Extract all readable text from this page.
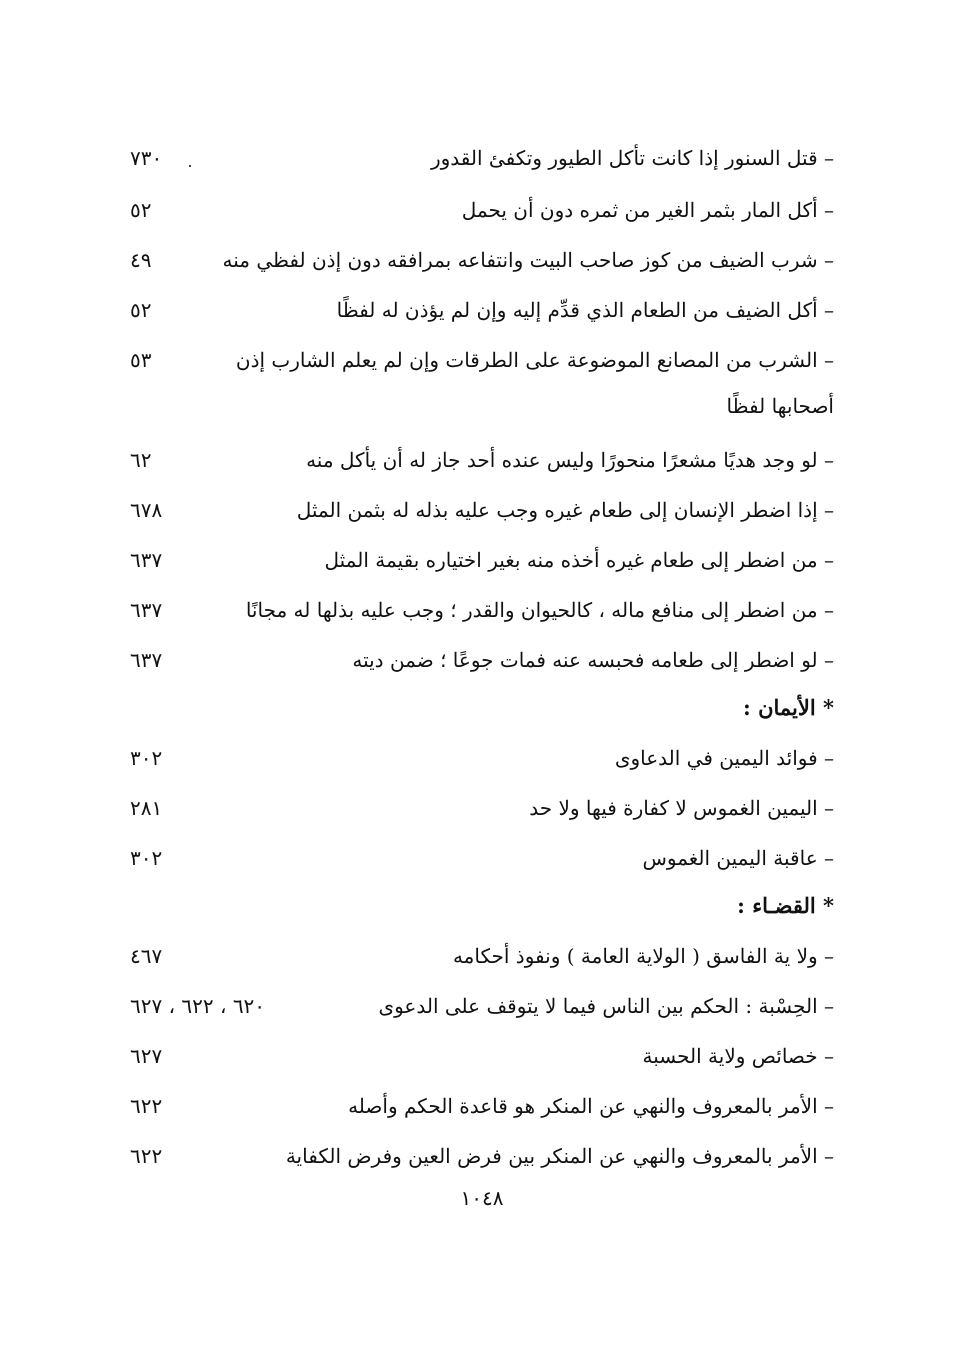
– قتل السنور إذا كانت تأكل الطيور وتكفئ القدور
٧٣٠
– أكل المار بثمر الغير من ثمره دون أن يحمل
٥٢
– شرب الضيف من كوز صاحب البيت وانتفاعه بمرافقه دون إذن لفظي منه
٤٩
– أكل الضيف من الطعام الذي قدِّم إليه وإن لم يؤذن له لفظًا
٥٢
– الشرب من المصانع الموضوعة على الطرقات وإن لم يعلم الشارب إذن
٥٣
أصحابها لفظًا
– لو وجد هديًا مشعرًا منحورًا وليس عنده أحد جاز له أن يأكل منه
٦٢
– إذا اضطر الإنسان إلى طعام غيره وجب عليه بذله له بثمن المثل
٦٧٨
– من اضطر إلى طعام غيره أخذه منه بغير اختياره بقيمة المثل
٦٣٧
– من اضطر إلى منافع ماله ، كالحيوان والقدر ؛ وجب عليه بذلها له مجانًا
٦٣٧
– لو اضطر إلى طعامه فحبسه عنه فمات جوعًا ؛ ضمن ديته
٦٣٧
* الأيمان :
– فوائد اليمين في الدعاوى
٣٠٢
– اليمين الغموس لا كفارة فيها ولا حد
٢٨١
– عاقبة اليمين الغموس
٣٠٢
* القضـاء :
– ولا ية الفاسق ( الولاية العامة ) ونفوذ أحكامه
٤٦٧
– الحِسْبة : الحكم بين الناس فيما لا يتوقف على الدعوى
٦٢٠ ، ٦٢٢ ، ٦٢٧
– خصائص ولاية الحسبة
٦٢٧
– الأمر بالمعروف والنهي عن المنكر هو قاعدة الحكم وأصله
٦٢٢
– الأمر بالمعروف والنهي عن المنكر بين فرض العين وفرض الكفاية
٦٢٢
١٠٤٨
